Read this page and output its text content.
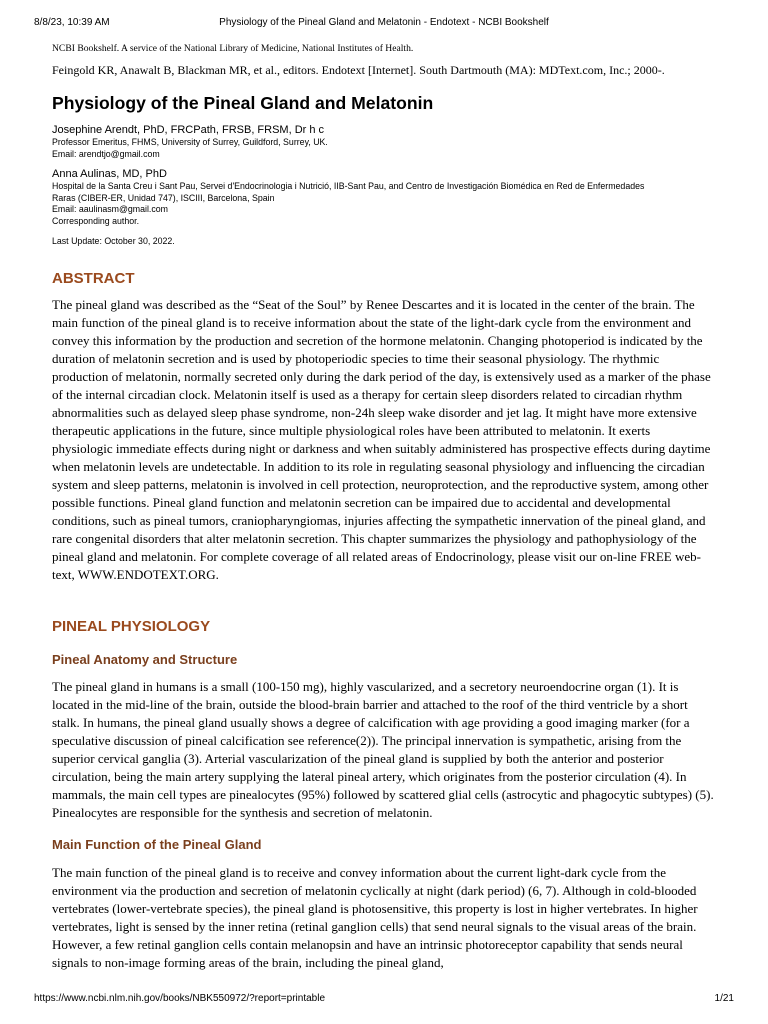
8/8/23, 10:39 AM	Physiology of the Pineal Gland and Melatonin - Endotext - NCBI Bookshelf

NCBI Bookshelf. A service of the National Library of Medicine, National Institutes of Health.

Feingold KR, Anawalt B, Blackman MR, et al., editors. Endotext [Internet]. South Dartmouth (MA): MDText.com, Inc.; 2000-.
Physiology of the Pineal Gland and Melatonin
Josephine Arendt, PhD, FRCPath, FRSB, FRSM, Dr h c
Professor Emeritus, FHMS, University of Surrey, Guildford, Surrey, UK.
Email: arendtjo@gmail.com
Anna Aulinas, MD, PhD
Hospital de la Santa Creu i Sant Pau, Servei d'Endocrinologia i Nutrició, IIB-Sant Pau, and Centro de Investigación Biomédica en Red de Enfermedades
Raras (CIBER-ER, Unidad 747), ISCIII, Barcelona, Spain
Email: aaulinasm@gmail.com
Corresponding author.
Last Update: October 30, 2022.
ABSTRACT

The pineal gland was described as the “Seat of the Soul” by Renee Descartes and it is located in the center of the brain. The main function of the pineal gland is to receive information about the state of the light-dark cycle from the environment and convey this information by the production and secretion of the hormone melatonin. Changing photoperiod is indicated by the duration of melatonin secretion and is used by photoperiodic species to time their seasonal physiology. The rhythmic production of melatonin, normally secreted only during the dark period of the day, is extensively used as a marker of the phase of the internal circadian clock. Melatonin itself is used as a therapy for certain sleep disorders related to circadian rhythm abnormalities such as delayed sleep phase syndrome, non-24h sleep wake disorder and jet lag. It might have more extensive therapeutic applications in the future, since multiple physiological roles have been attributed to melatonin. It exerts physiologic immediate effects during night or darkness and when suitably administered has prospective effects during daytime when melatonin levels are undetectable. In addition to its role in regulating seasonal physiology and influencing the circadian system and sleep patterns, melatonin is involved in cell protection, neuroprotection, and the reproductive system, among other possible functions. Pineal gland function and melatonin secretion can be impaired due to accidental and developmental conditions, such as pineal tumors, craniopharyngiomas, injuries affecting the sympathetic innervation of the pineal gland, and rare congenital disorders that alter melatonin secretion. This chapter summarizes the physiology and pathophysiology of the pineal gland and melatonin. For complete coverage of all related areas of Endocrinology, please visit our on-line FREE web-text, WWW.ENDOTEXT.ORG.

PINEAL PHYSIOLOGY
Pineal Anatomy and Structure

The pineal gland in humans is a small (100-150 mg), highly vascularized, and a secretory neuroendocrine organ (1). It is located in the mid-line of the brain, outside the blood-brain barrier and attached to the roof of the third ventricle by a short stalk. In humans, the pineal gland usually shows a degree of calcification with age providing a good imaging marker (for a speculative discussion of pineal calcification see reference(2)). The principal innervation is sympathetic, arising from the superior cervical ganglia (3). Arterial vascularization of the pineal gland is supplied by both the anterior and posterior circulation, being the main artery supplying the lateral pineal artery, which originates from the posterior circulation (4). In mammals, the main cell types are pinealocytes (95%) followed by scattered glial cells (astrocytic and phagocytic subtypes) (5). Pinealocytes are responsible for the synthesis and secretion of melatonin.

Main Function of the Pineal Gland

The main function of the pineal gland is to receive and convey information about the current light-dark cycle from the environment via the production and secretion of melatonin cyclically at night (dark period) (6, 7). Although in cold-blooded vertebrates (lower-vertebrate species), the pineal gland is photosensitive, this property is lost in higher vertebrates. In higher vertebrates, light is sensed by the inner retina (retinal ganglion cells) that send neural signals to the visual areas of the brain. However, a few retinal ganglion cells contain melanopsin and have an intrinsic photoreceptor capability that sends neural signals to non-image forming areas of the brain, including the pineal gland,

https://www.ncbi.nlm.nih.gov/books/NBK550972/?report=printable	1/21
